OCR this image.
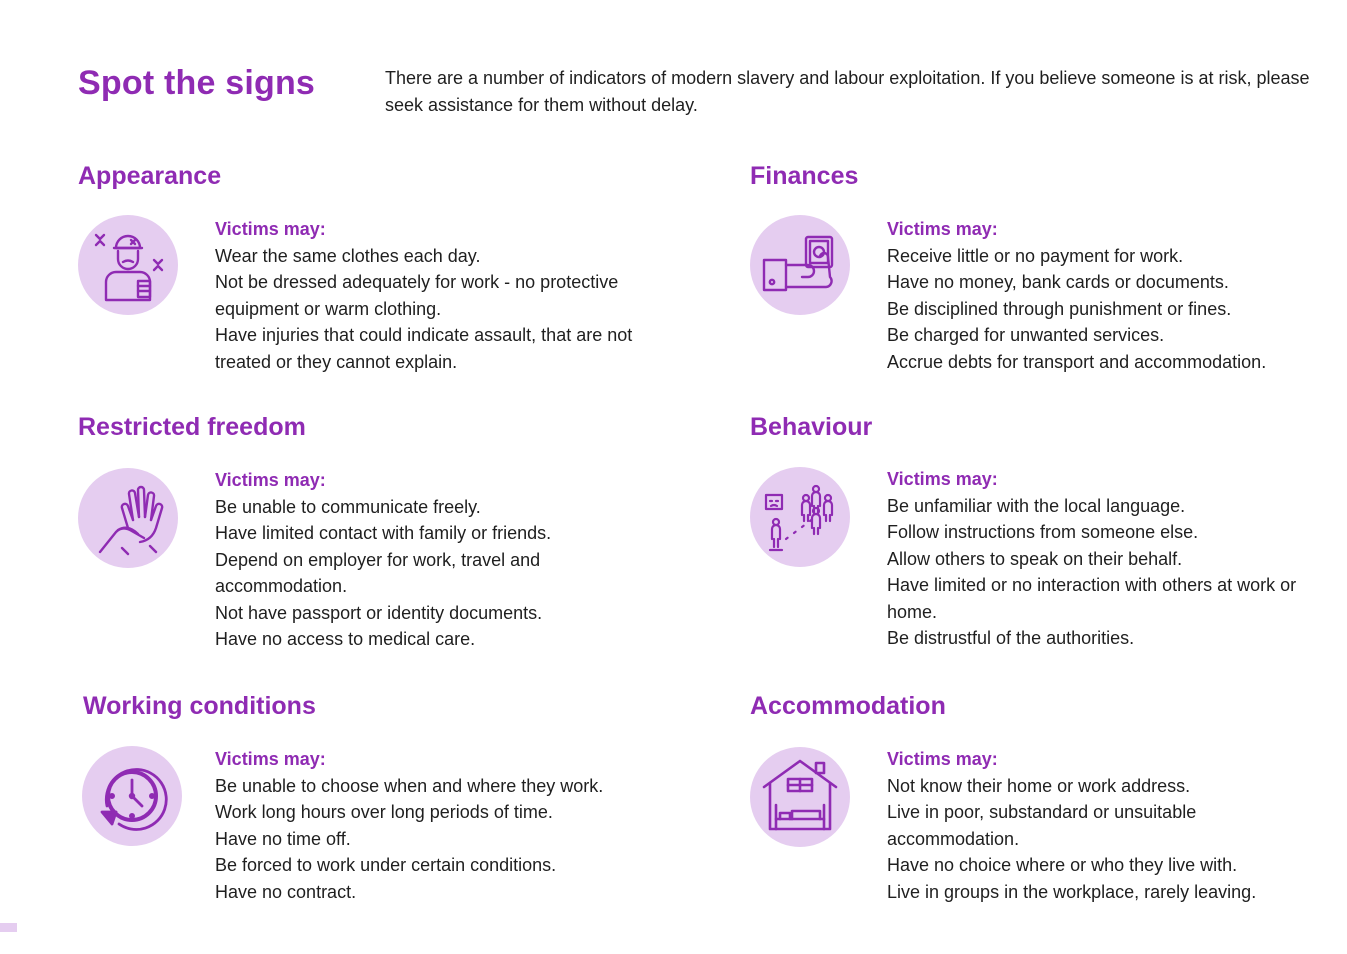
Spot the signs	There are a number of indicators of modern slavery and labour exploitation. If you believe someone is at risk, please seek assistance for them without delay.

Appearance
Victims may:
Wear the same clothes each day.
Not be dressed adequately for work - no protective equipment or warm clothing.
Have injuries that could indicate assault, that are not treated or they cannot explain.
Finances
Victims may:
Receive little or no payment for work.
Have no money, bank cards or documents.
Be disciplined through punishment or fines.
Be charged for unwanted services.
Accrue debts for transport and accommodation.
Restricted freedom
Victims may:
Be unable to communicate freely.
Have limited contact with family or friends.
Depend on employer for work, travel and accommodation.
Not have passport or identity documents.
Have no access to medical care.
Behaviour
Victims may:
Be unfamiliar with the local language.
Follow instructions from someone else.
Allow others to speak on their behalf.
Have limited or no interaction with others at work or home.
Be distrustful of the authorities.
Working conditions
Victims may:
Be unable to choose when and where they work.
Work long hours over long periods of time.
Have no time off.
Be forced to work under certain conditions.
Have no contract.
Accommodation
Victims may:
Not know their home or work address.
Live in poor, substandard or unsuitable accommodation.
Have no choice where or who they live with.
Live in groups in the workplace, rarely leaving.
